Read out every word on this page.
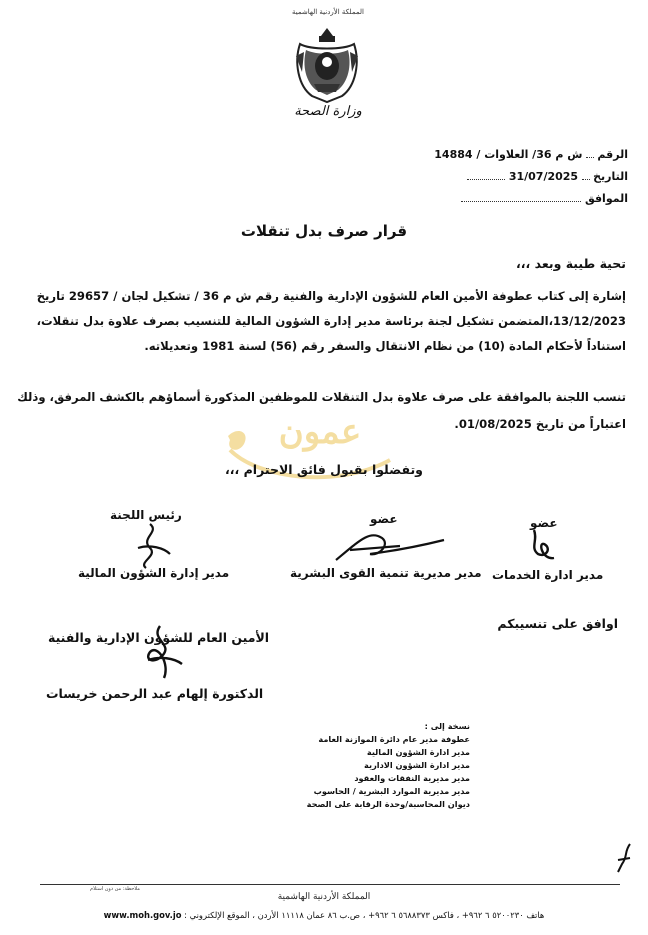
المملكة الأردنية الهاشمية
وزارة الصحة
الرقم  ش م 36/ العلاوات / 14884
التاريخ  31/07/2025
الموافق
قرار صرف بدل تنقلات
تحية طيبة وبعد ،،،
إشارة إلى كتاب عطوفة الأمين العام للشؤون الإدارية والفنية رقم ش م 36 / تشكيل لجان / 29657 تاريخ
13/12/2023،المتضمن تشكيل لجنة برئاسة مدير إدارة الشؤون المالية للتنسيب بصرف علاوة بدل تنقلات،
استناداً لأحكام المادة (10) من نظام الانتقال والسفر رقم (56) لسنة 1981 وتعديلاته.
تنسب اللجنة بالموافقة على صرف علاوة بدل التنقلات للموظفين المذكورة أسماؤهم بالكشف المرفق، وذلك
اعتباراً من تاريخ 01/08/2025.
عمون
وتفضلوا بقبول فائق الاحترام ،،،
رئيس اللجنة
مدير إدارة الشؤون المالية
عضو
مدير مديرية تنمية القوى البشرية
عضو
مدير ادارة الخدمات
اوافق على تنسيبكم
الأمين العام للشؤون الإدارية والفنية
الدكتورة إلهام عبد الرحمن خريسات
نسخة إلى :
عطوفة مدير عام دائرة الموازنة العامة
مدير ادارة الشؤون المالية
مدير ادارة الشؤون الادارية
مدير مديرية النفقات والعقود
مدير مديرية الموارد البشرية / الحاسوب
ديوان المحاسبة/وحدة الرقابة على الصحة
ملاحظة: من دون استلام
المملكة الأردنية الهاشمية
هاتف ٥٢٠٠٢٣٠ ٦ ٩٦٢+ ، فاكس ٥٦٨٨٣٧٣ ٦ ٩٦٢+ ، ص.ب ٨٦ عمان ١١١١٨ الأردن ، الموقع الإلكتروني : www.moh.gov.jo
